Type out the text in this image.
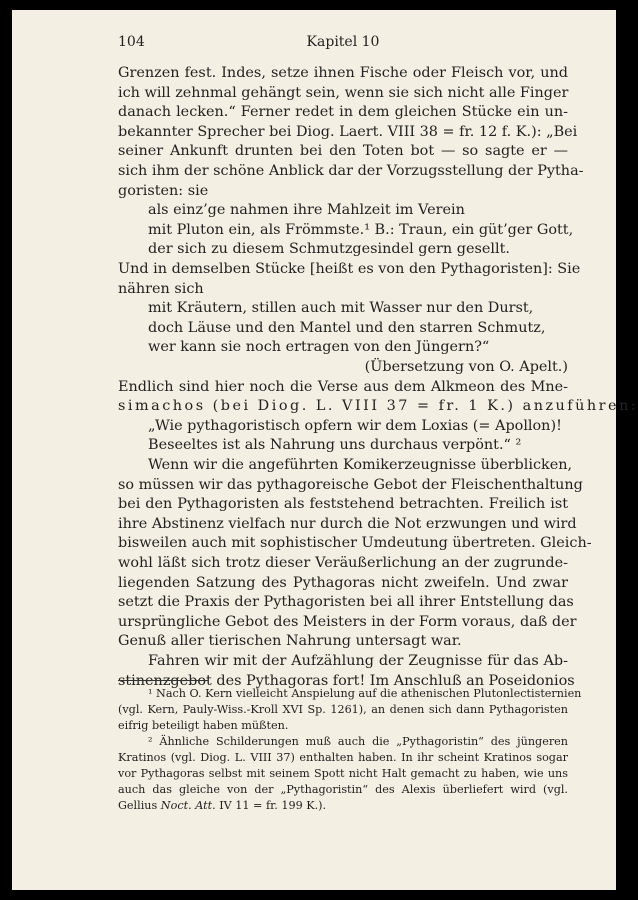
104	Kapitel 10
Grenzen fest. Indes, setze ihnen Fische oder Fleisch vor, und
ich will zehnmal gehängt sein, wenn sie sich nicht alle Finger
danach lecken.“ Ferner redet in dem gleichen Stücke ein un-
bekannter Sprecher bei Diog. Laert. VIII 38 = fr. 12 f. K.): „Bei
seiner Ankunft drunten bei den Toten bot — so sagte er —
sich ihm der schöne Anblick dar der Vorzugsstellung der Pytha-
goristen: sie
als einz’ge nahmen ihre Mahlzeit im Verein
mit Pluton ein, als Frömmste.¹ B.: Traun, ein güt’ger Gott,
der sich zu diesem Schmutzgesindel gern gesellt.
Und in demselben Stücke [heißt es von den Pythagoristen]: Sie
nähren sich
mit Kräutern, stillen auch mit Wasser nur den Durst,
doch Läuse und den Mantel und den starren Schmutz,
wer kann sie noch ertragen von den Jüngern?“
(Übersetzung von O. Apelt.)
Endlich sind hier noch die Verse aus dem Alkmeon des Mne-
simachos (bei Diog. L. VIII 37 = fr. 1 K.) anzuführen:
„Wie pythagoristisch opfern wir dem Loxias (= Apollon)!
Beseeltes ist als Nahrung uns durchaus verpönt.“ ²
Wenn wir die angeführten Komikerzeugnisse überblicken,
so müssen wir das pythagoreische Gebot der Fleischenthaltung
bei den Pythagoristen als feststehend betrachten. Freilich ist
ihre Abstinenz vielfach nur durch die Not erzwungen und wird
bisweilen auch mit sophistischer Umdeutung übertreten. Gleich-
wohl läßt sich trotz dieser Veräußerlichung an der zugrunde-
liegenden Satzung des Pythagoras nicht zweifeln. Und zwar
setzt die Praxis der Pythagoristen bei all ihrer Entstellung das
ursprüngliche Gebot des Meisters in der Form voraus, daß der
Genuß aller tierischen Nahrung untersagt war.
Fahren wir mit der Aufzählung der Zeugnisse für das Ab-
stinenzgebot des Pythagoras fort! Im Anschluß an Poseidonios
Gellius Noct. Att. IV 11 = fr. 199 K.).
¹ Nach O. Kern vielleicht Anspielung auf die athenischen Plutonlectisternien
(vgl. Kern, Pauly-Wiss.-Kroll XVI Sp. 1261), an denen sich dann Pythagoristen
eifrig beteiligt haben müßten.
² Ähnliche Schilderungen muß auch die „Pythagoristin“ des jüngeren
Kratinos (vgl. Diog. L. VIII 37) enthalten haben. In ihr scheint Kratinos sogar
vor Pythagoras selbst mit seinem Spott nicht Halt gemacht zu haben, wie uns
auch das gleiche von der „Pythagoristin“ des Alexis überliefert wird (vgl.
